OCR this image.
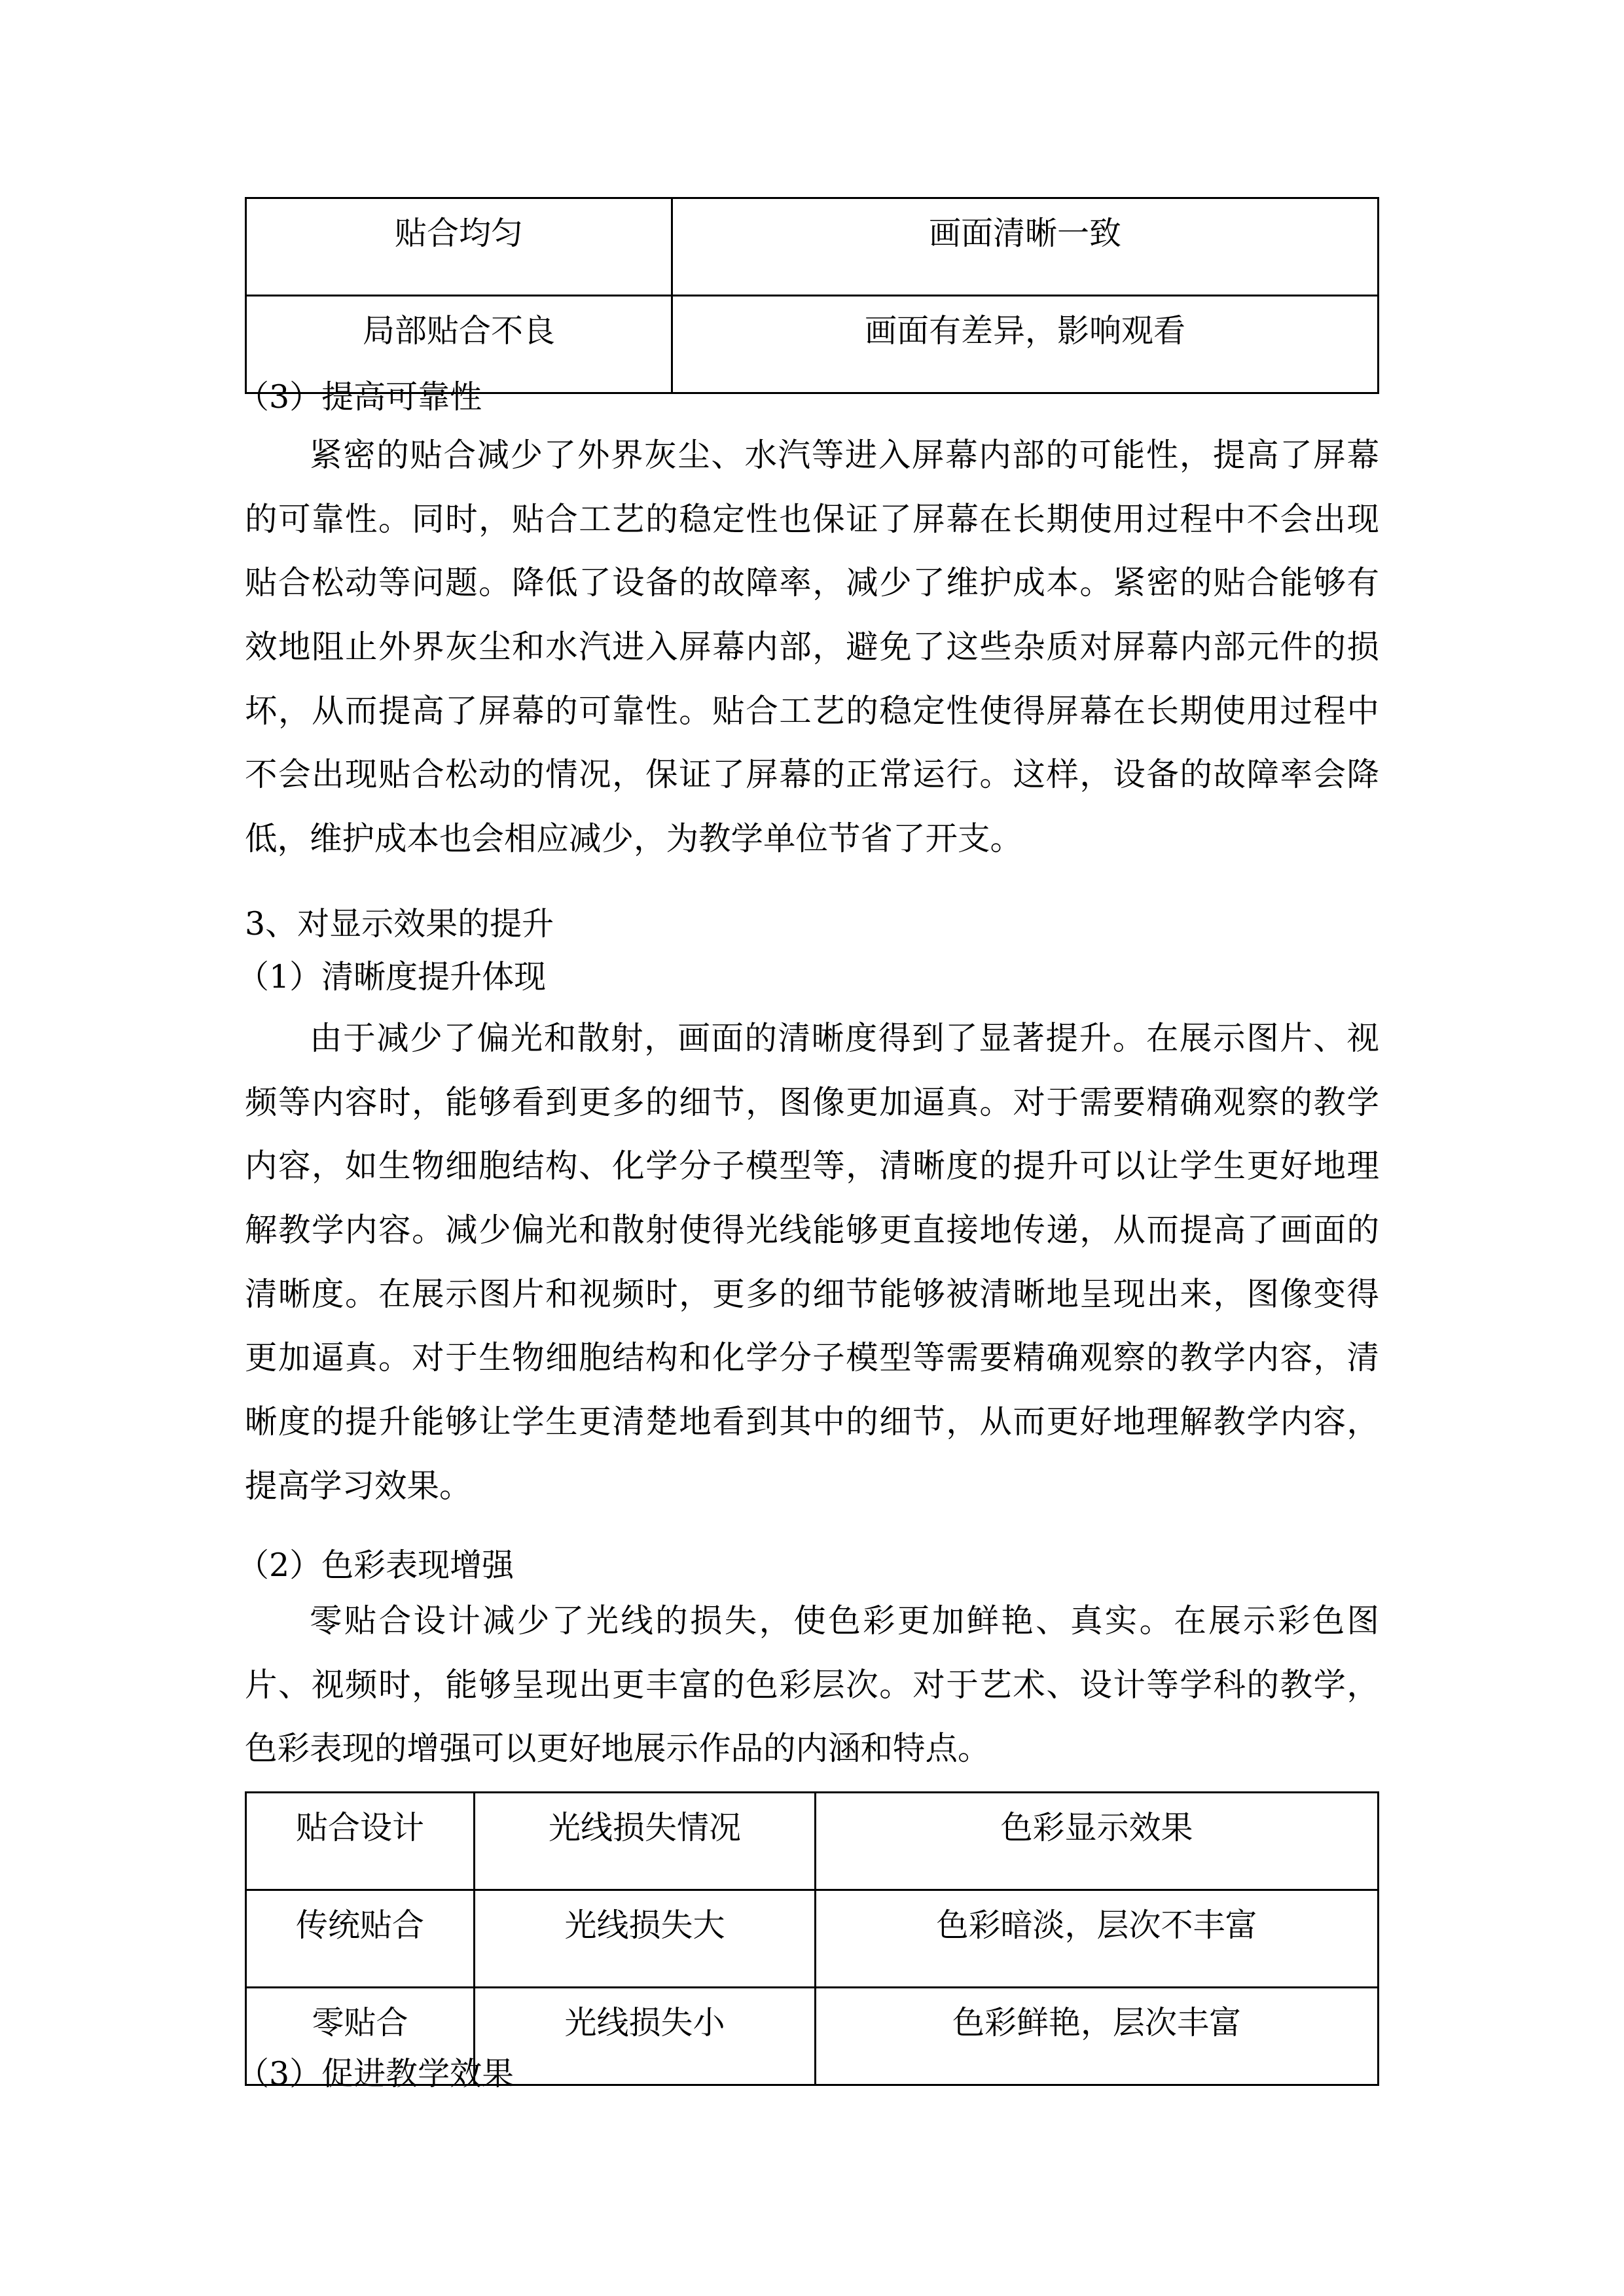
贴合均匀	画面清晰一致
局部贴合不良	画面有差异，影响观看
（3）提高可靠性
紧密的贴合减少了外界灰尘、水汽等进入屏幕内部的可能性，提高了屏幕
的可靠性。同时，贴合工艺的稳定性也保证了屏幕在长期使用过程中不会出现
贴合松动等问题。降低了设备的故障率，减少了维护成本。紧密的贴合能够有
效地阻止外界灰尘和水汽进入屏幕内部，避免了这些杂质对屏幕内部元件的损
坏，从而提高了屏幕的可靠性。贴合工艺的稳定性使得屏幕在长期使用过程中
不会出现贴合松动的情况，保证了屏幕的正常运行。这样，设备的故障率会降
低，维护成本也会相应减少，为教学单位节省了开支。
3、对显示效果的提升
（1）清晰度提升体现
由于减少了偏光和散射，画面的清晰度得到了显著提升。在展示图片、视
频等内容时，能够看到更多的细节，图像更加逼真。对于需要精确观察的教学
内容，如生物细胞结构、化学分子模型等，清晰度的提升可以让学生更好地理
解教学内容。减少偏光和散射使得光线能够更直接地传递，从而提高了画面的
清晰度。在展示图片和视频时，更多的细节能够被清晰地呈现出来，图像变得
更加逼真。对于生物细胞结构和化学分子模型等需要精确观察的教学内容，清
晰度的提升能够让学生更清楚地看到其中的细节，从而更好地理解教学内容，
提高学习效果。
（2）色彩表现增强
零贴合设计减少了光线的损失，使色彩更加鲜艳、真实。在展示彩色图
片、视频时，能够呈现出更丰富的色彩层次。对于艺术、设计等学科的教学，
色彩表现的增强可以更好地展示作品的内涵和特点。
贴合设计	光线损失情况	色彩显示效果
传统贴合	光线损失大	色彩暗淡，层次不丰富
零贴合	光线损失小	色彩鲜艳，层次丰富
（3）促进教学效果
